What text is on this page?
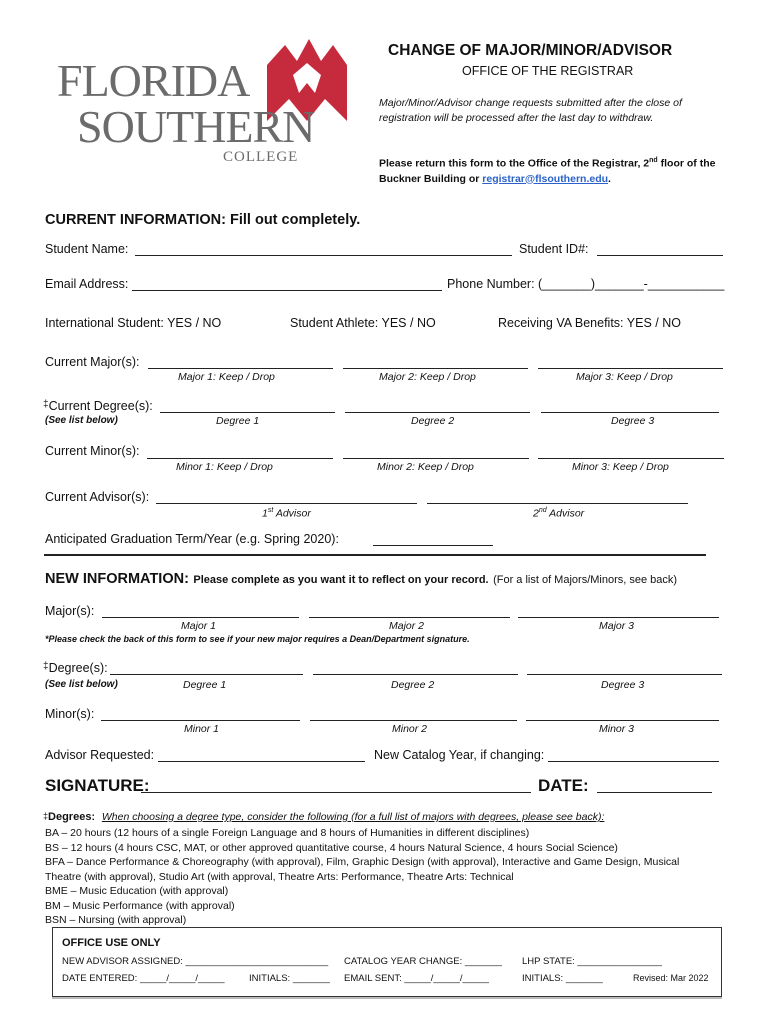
FLORIDA
SOUTHERN
COLLEGE
CHANGE OF MAJOR/MINOR/ADVISOR
OFFICE OF THE REGISTRAR
Major/Minor/Advisor change requests submitted after the close of registration will be processed after the last day to withdraw.
Please return this form to the Office of the Registrar, 2nd floor of the Buckner Building or registrar@flsouthern.edu.
CURRENT INFORMATION: Fill out completely.
Student Name:	Student ID#:
Email Address:	Phone Number: (_______)_______-___________
International Student: YES / NO	Student Athlete: YES / NO	Receiving VA Benefits: YES / NO
Current Major(s):
Major 1: Keep / Drop	Major 2: Keep / Drop	Major 3: Keep / Drop
‡Current Degree(s):
(See list below)	Degree 1	Degree 2	Degree 3
Current Minor(s):
Minor 1: Keep / Drop	Minor 2: Keep / Drop	Minor 3: Keep / Drop
Current Advisor(s):
1st Advisor	2nd Advisor
Anticipated Graduation Term/Year (e.g. Spring 2020):
NEW INFORMATION: Please complete as you want it to reflect on your record. (For a list of Majors/Minors, see back)
Major(s):
Major 1	Major 2	Major 3
*Please check the back of this form to see if your new major requires a Dean/Department signature.
‡Degree(s):
(See list below)	Degree 1	Degree 2	Degree 3
Minor(s):
Minor 1	Minor 2	Minor 3
Advisor Requested:	New Catalog Year, if changing:
SIGNATURE:	DATE:
‡Degrees: When choosing a degree type, consider the following (for a full list of majors with degrees, please see back):
BA – 20 hours (12 hours of a single Foreign Language and 8 hours of Humanities in different disciplines)
BS – 12 hours (4 hours CSC, MAT, or other approved quantitative course, 4 hours Natural Science, 4 hours Social Science)
BFA – Dance Performance & Choreography (with approval), Film, Graphic Design (with approval), Interactive and Game Design, Musical Theatre (with approval), Studio Art (with approval, Theatre Arts: Performance, Theatre Arts: Technical
BME – Music Education (with approval)
BM – Music Performance (with approval)
BSN – Nursing (with approval)
OFFICE USE ONLY
NEW ADVISOR ASSIGNED: ___________________________ CATALOG YEAR CHANGE: _______ LHP STATE: ________________
DATE ENTERED: _____/_____/_____	INITIALS: _______ EMAIL SENT: _____/_____/_____	INITIALS: _______	Revised: Mar 2022
